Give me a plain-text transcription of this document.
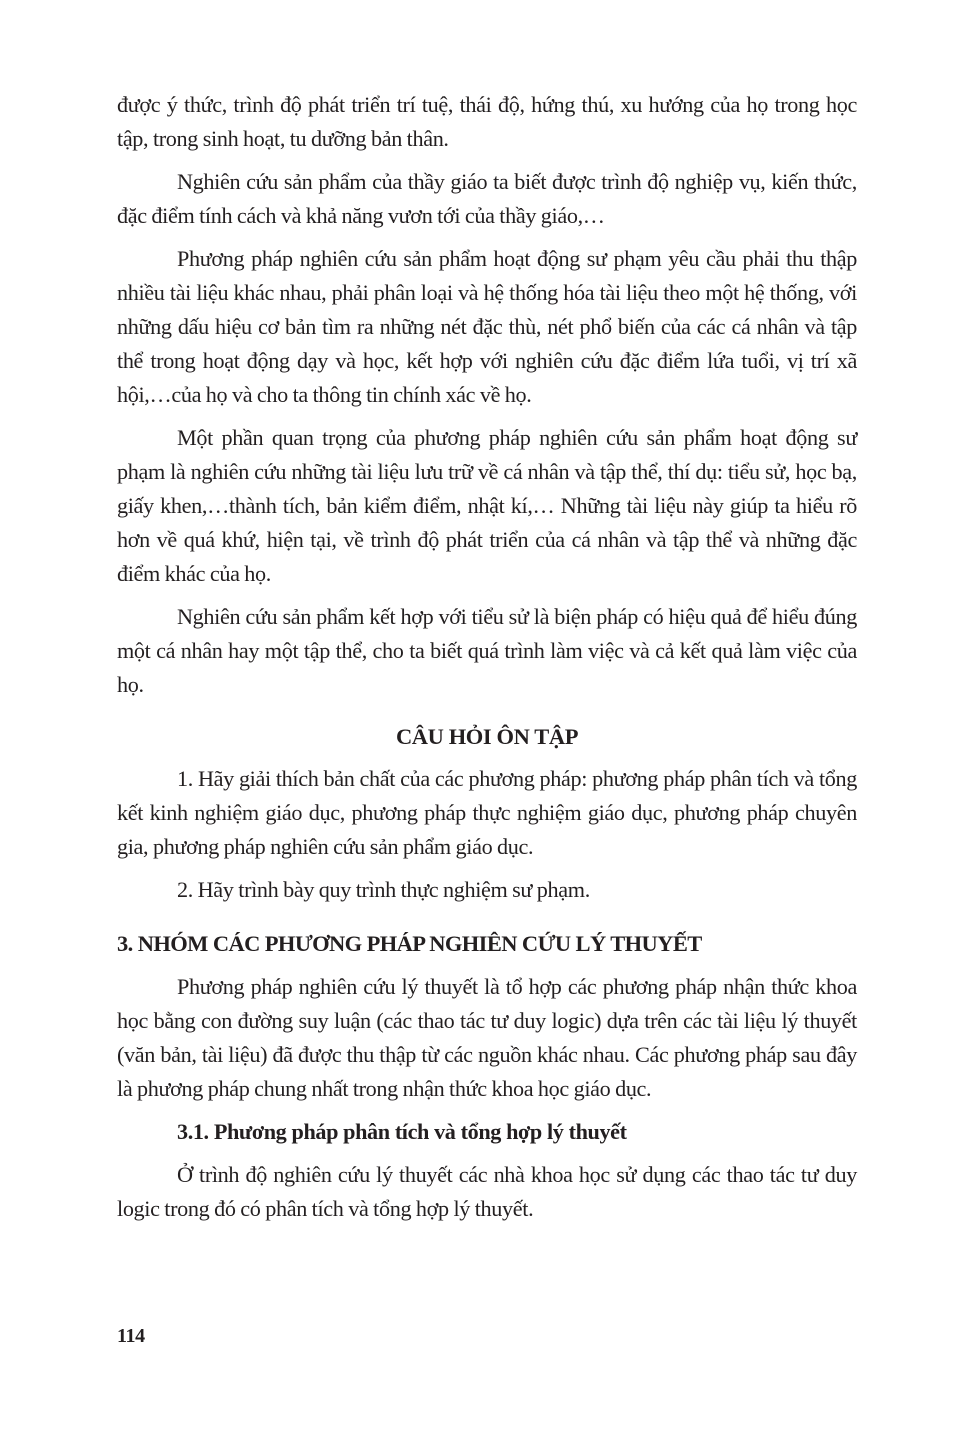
được ý thức, trình độ phát triển trí tuệ, thái độ, hứng thú, xu hướng của họ trong học tập, trong sinh hoạt, tu dưỡng bản thân.

Nghiên cứu sản phẩm của thầy giáo ta biết được trình độ nghiệp vụ, kiến thức, đặc điểm tính cách và khả năng vươn tới của thầy giáo,…

Phương pháp nghiên cứu sản phẩm hoạt động sư phạm yêu cầu phải thu thập nhiều tài liệu khác nhau, phải phân loại và hệ thống hóa tài liệu theo một hệ thống, với những dấu hiệu cơ bản tìm ra những nét đặc thù, nét phổ biến của các cá nhân và tập thể trong hoạt động dạy và học, kết hợp với nghiên cứu đặc điểm lứa tuổi, vị trí xã hội,…của họ và cho ta thông tin chính xác về họ.

Một phần quan trọng của phương pháp nghiên cứu sản phẩm hoạt động sư phạm là nghiên cứu những tài liệu lưu trữ về cá nhân và tập thể, thí dụ: tiểu sử, học bạ, giấy khen,…thành tích, bản kiểm điểm, nhật kí,… Những tài liệu này giúp ta hiểu rõ hơn về quá khứ, hiện tại, về trình độ phát triển của cá nhân và tập thể và những đặc điểm khác của họ.

Nghiên cứu sản phẩm kết hợp với tiểu sử là biện pháp có hiệu quả để hiểu đúng một cá nhân hay một tập thể, cho ta biết quá trình làm việc và cả kết quả làm việc của họ.

CÂU HỎI ÔN TẬP

1. Hãy giải thích bản chất của các phương pháp: phương pháp phân tích và tổng kết kinh nghiệm giáo dục, phương pháp thực nghiệm giáo dục, phương pháp chuyên gia, phương pháp nghiên cứu sản phẩm giáo dục.

2. Hãy trình bày quy trình thực nghiệm sư phạm.

3. NHÓM CÁC PHƯƠNG PHÁP NGHIÊN CỨU LÝ THUYẾT

Phương pháp nghiên cứu lý thuyết là tổ hợp các phương pháp nhận thức khoa học bằng con đường suy luận (các thao tác tư duy logic) dựa trên các tài liệu lý thuyết (văn bản, tài liệu) đã được thu thập từ các nguồn khác nhau. Các phương pháp sau đây là phương pháp chung nhất trong nhận thức khoa học giáo dục.

3.1. Phương pháp phân tích và tổng hợp lý thuyết

Ở trình độ nghiên cứu lý thuyết các nhà khoa học sử dụng các thao tác tư duy logic trong đó có phân tích và tổng hợp lý thuyết.

114
